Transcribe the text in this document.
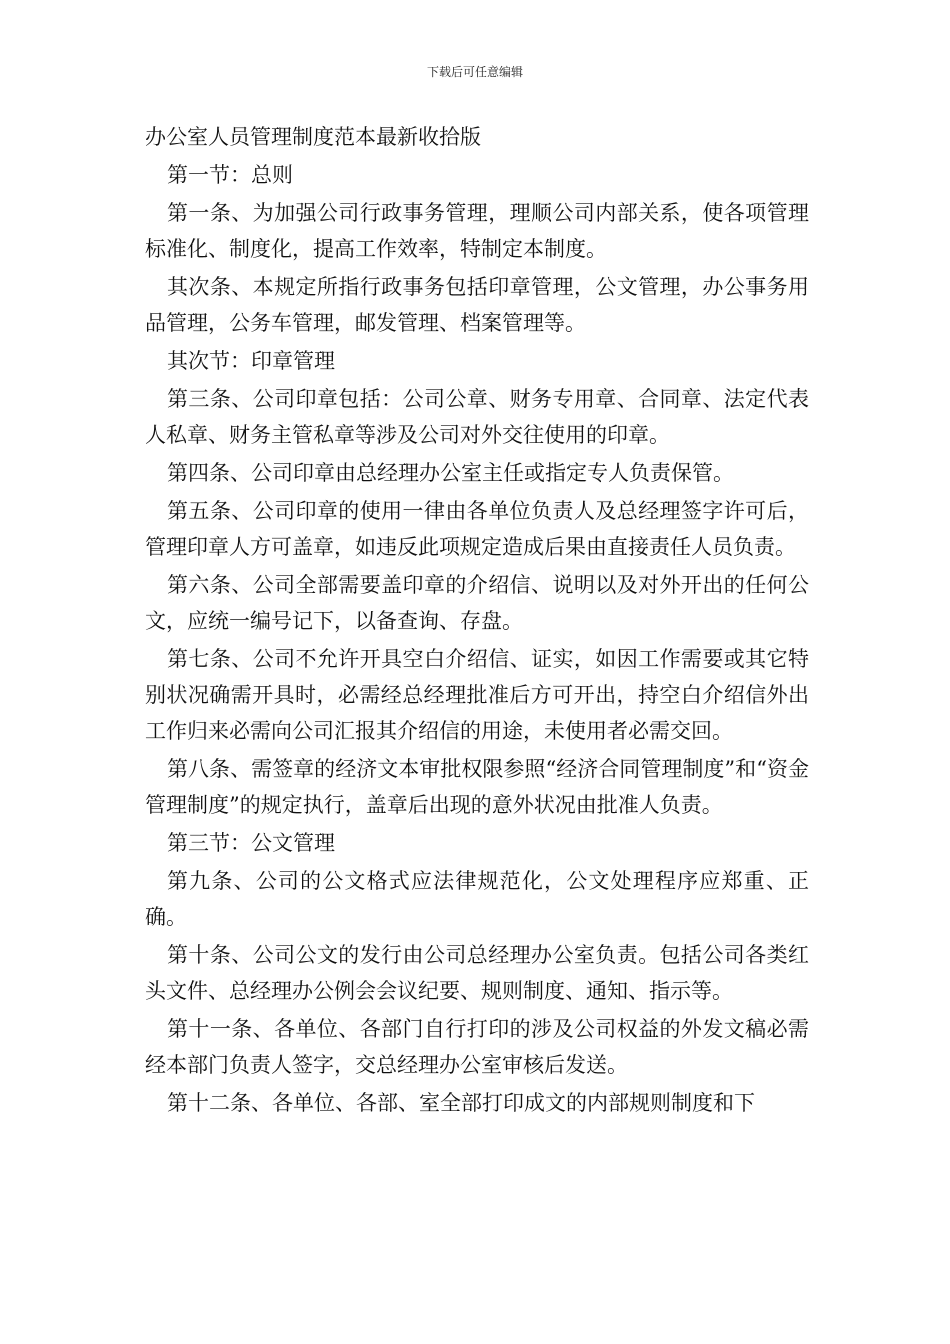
下载后可任意编辑

办公室人员管理制度范本最新收拾版

第一节：总则

第一条、为加强公司行政事务管理，理顺公司内部关系，使各项管理标准化、制度化，提高工作效率，特制定本制度。

其次条、本规定所指行政事务包括印章管理，公文管理，办公事务用品管理，公务车管理，邮发管理、档案管理等。

其次节：印章管理

第三条、公司印章包括：公司公章、财务专用章、合同章、法定代表人私章、财务主管私章等涉及公司对外交往使用的印章。

第四条、公司印章由总经理办公室主任或指定专人负责保管。

第五条、公司印章的使用一律由各单位负责人及总经理签字许可后，管理印章人方可盖章，如违反此项规定造成后果由直接责任人员负责。

第六条、公司全部需要盖印章的介绍信、说明以及对外开出的任何公文，应统一编号记下，以备查询、存盘。

第七条、公司不允许开具空白介绍信、证实，如因工作需要或其它特别状况确需开具时，必需经总经理批准后方可开出，持空白介绍信外出工作归来必需向公司汇报其介绍信的用途，未使用者必需交回。

第八条、需签章的经济文本审批权限参照“经济合同管理制度”和“资金管理制度”的规定执行，盖章后出现的意外状况由批准人负责。

第三节：公文管理

第九条、公司的公文格式应法律规范化，公文处理程序应郑重、正确。

第十条、公司公文的发行由公司总经理办公室负责。包括公司各类红头文件、总经理办公例会会议纪要、规则制度、通知、指示等。

第十一条、各单位、各部门自行打印的涉及公司权益的外发文稿必需经本部门负责人签字，交总经理办公室审核后发送。

第十二条、各单位、各部、室全部打印成文的内部规则制度和下
